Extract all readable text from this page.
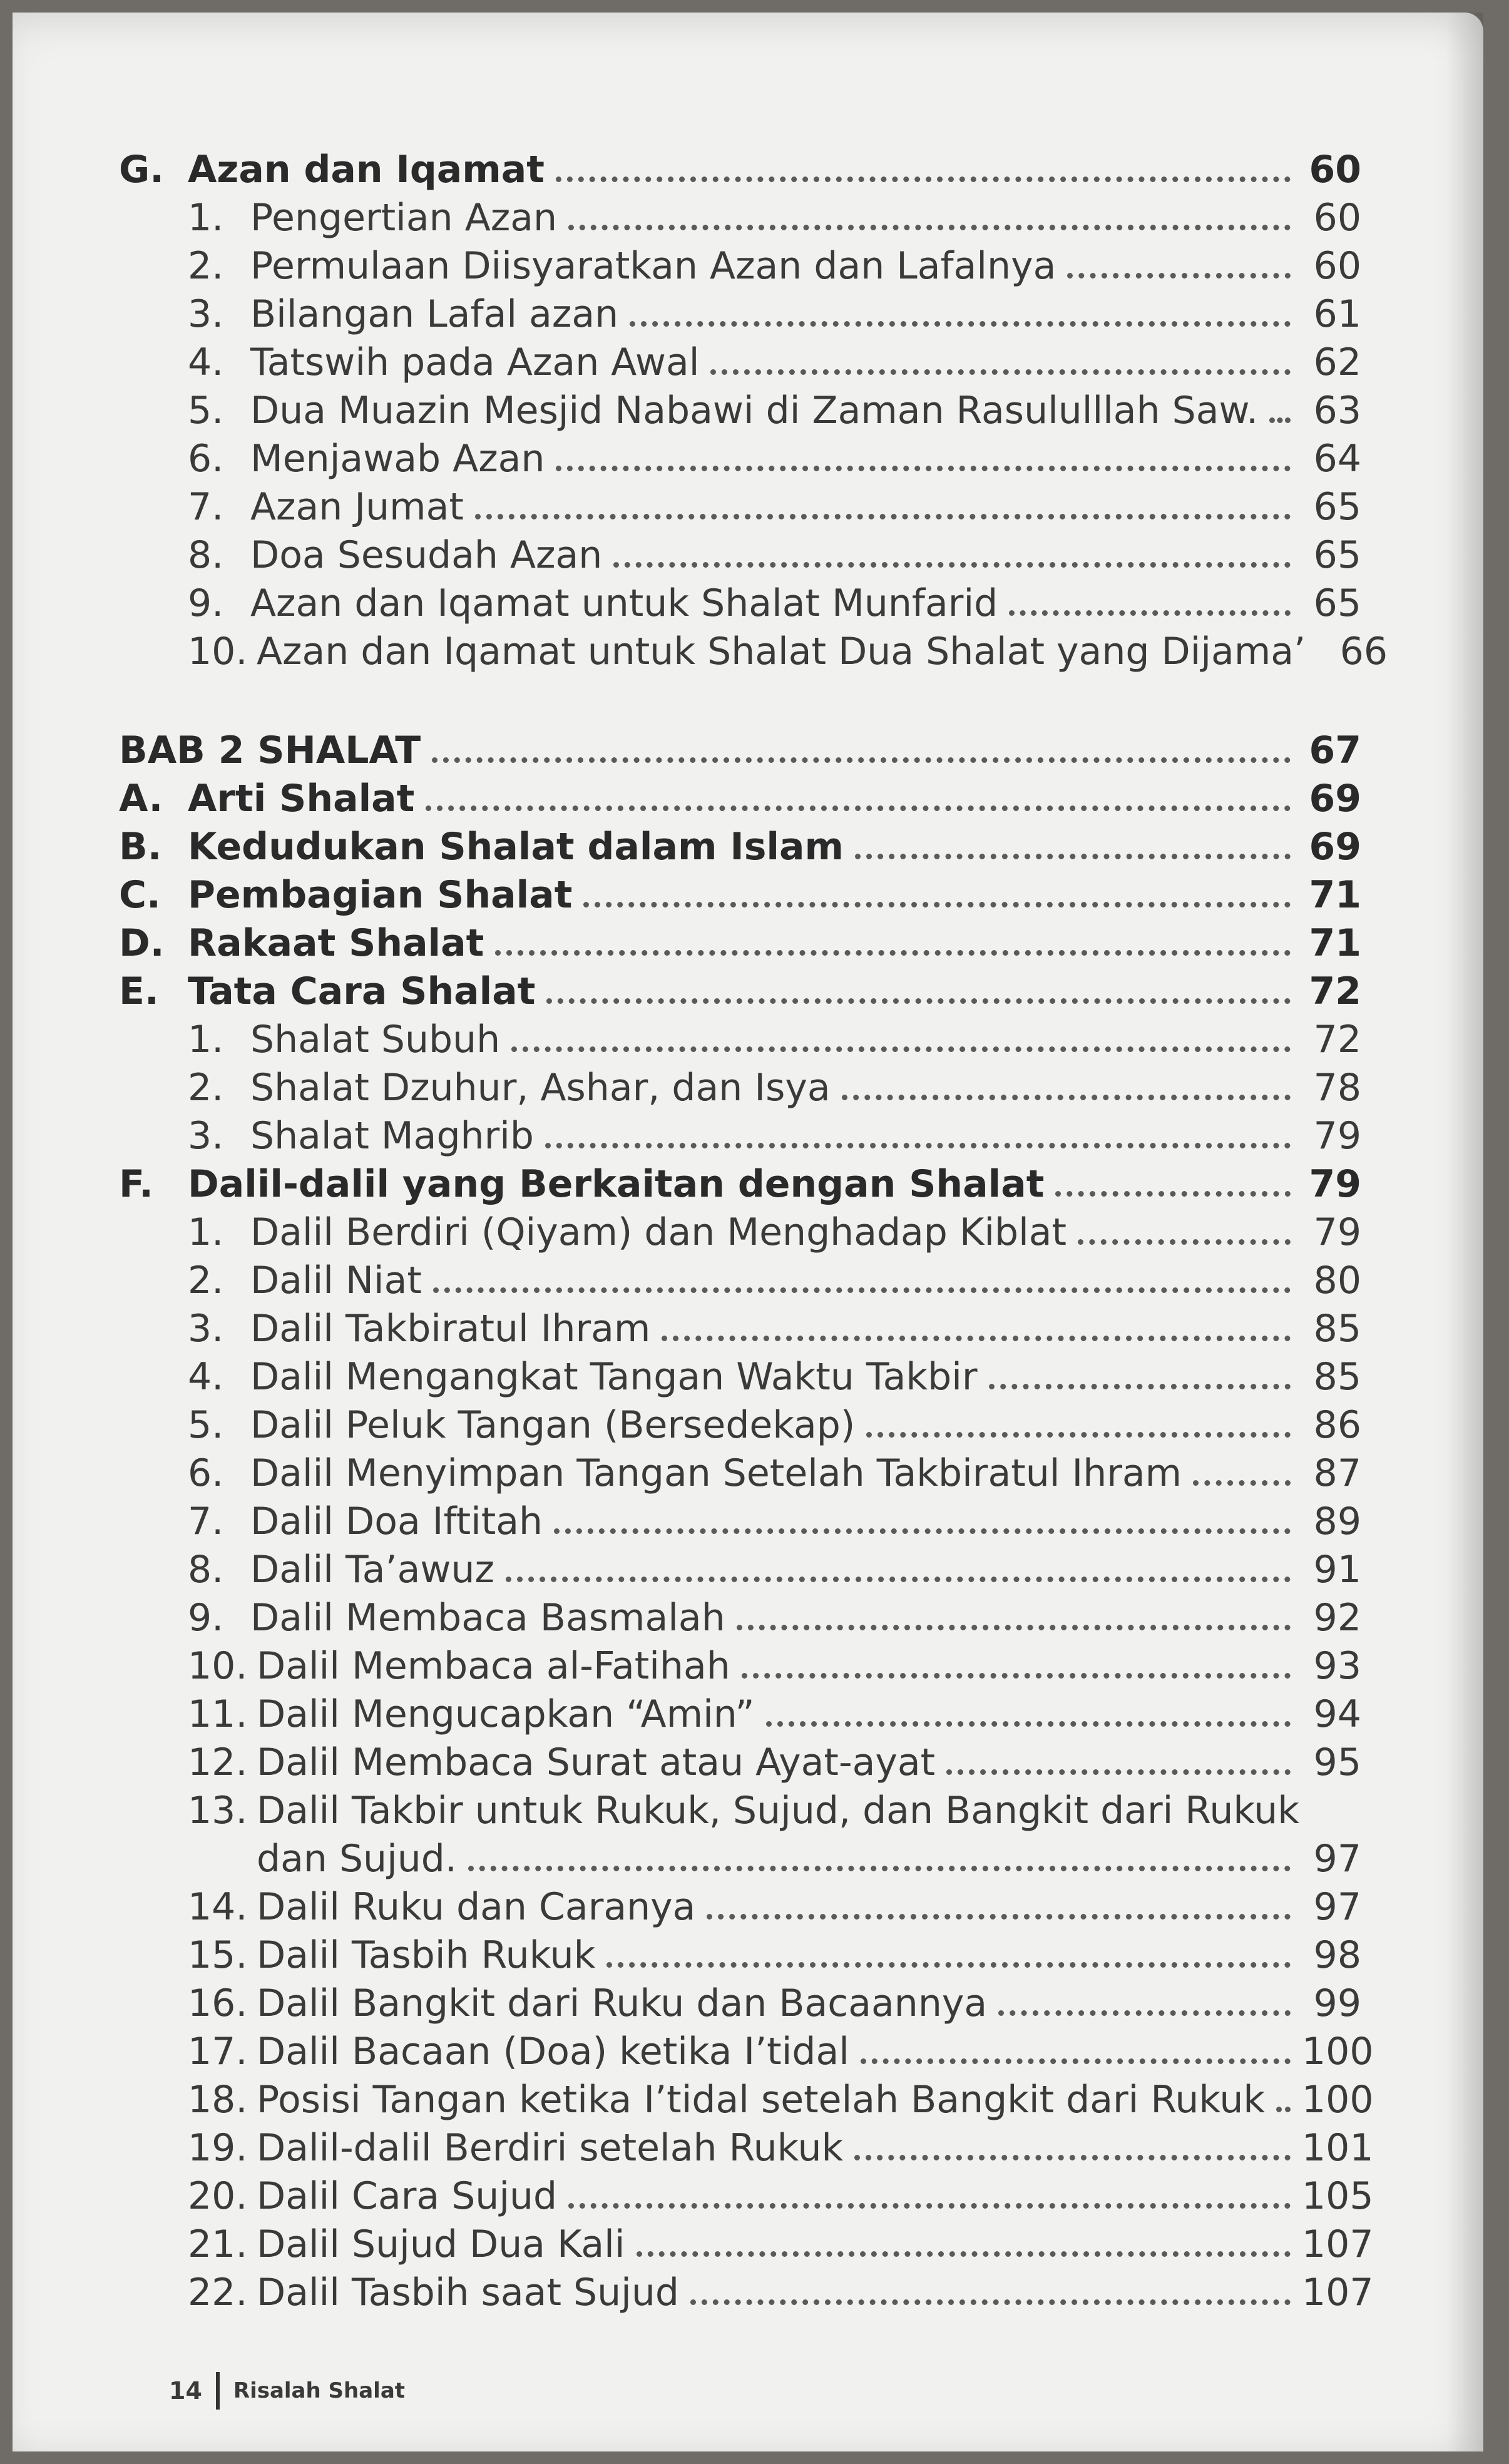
G. Azan dan Iqamat	60
1. Pengertian Azan	60
2. Permulaan Diisyaratkan Azan dan Lafalnya	60
3. Bilangan Lafal azan	61
4. Tatswih pada Azan Awal	62
5. Dua Muazin Mesjid Nabawi di Zaman Rasululllah Saw.	63
6. Menjawab Azan	64
7. Azan Jumat	65
8. Doa Sesudah Azan	65
9. Azan dan Iqamat untuk Shalat Munfarid	65
10. Azan dan Iqamat untuk Shalat Dua Shalat yang Dijama’ 66
BAB 2 SHALAT	67
A. Arti Shalat	69
B. Kedudukan Shalat dalam Islam	69
C. Pembagian Shalat	71
D. Rakaat Shalat	71
E. Tata Cara Shalat	72
1. Shalat Subuh	72
2. Shalat Dzuhur, Ashar, dan Isya	78
3. Shalat Maghrib	79
F. Dalil-dalil yang Berkaitan dengan Shalat	79
1. Dalil Berdiri (Qiyam) dan Menghadap Kiblat	79
2. Dalil Niat	80
3. Dalil Takbiratul Ihram	85
4. Dalil Mengangkat Tangan Waktu Takbir	85
5. Dalil Peluk Tangan (Bersedekap)	86
6. Dalil Menyimpan Tangan Setelah Takbiratul Ihram	87
7. Dalil Doa Iftitah	89
8. Dalil Ta’awuz	91
9. Dalil Membaca Basmalah	92
10. Dalil Membaca al-Fatihah	93
11. Dalil Mengucapkan “Amin”	94
12. Dalil Membaca Surat atau Ayat-ayat	95
13. Dalil Takbir untuk Rukuk, Sujud, dan Bangkit dari Rukuk
dan Sujud.	97
14. Dalil Ruku dan Caranya	97
15. Dalil Tasbih Rukuk	98
16. Dalil Bangkit dari Ruku dan Bacaannya	99
17. Dalil Bacaan (Doa) ketika I’tidal	100
18. Posisi Tangan ketika I’tidal setelah Bangkit dari Rukuk 100
19. Dalil-dalil Berdiri setelah Rukuk	101
20. Dalil Cara Sujud	105
21. Dalil Sujud Dua Kali	107
22. Dalil Tasbih saat Sujud	107
14 Risalah Shalat
